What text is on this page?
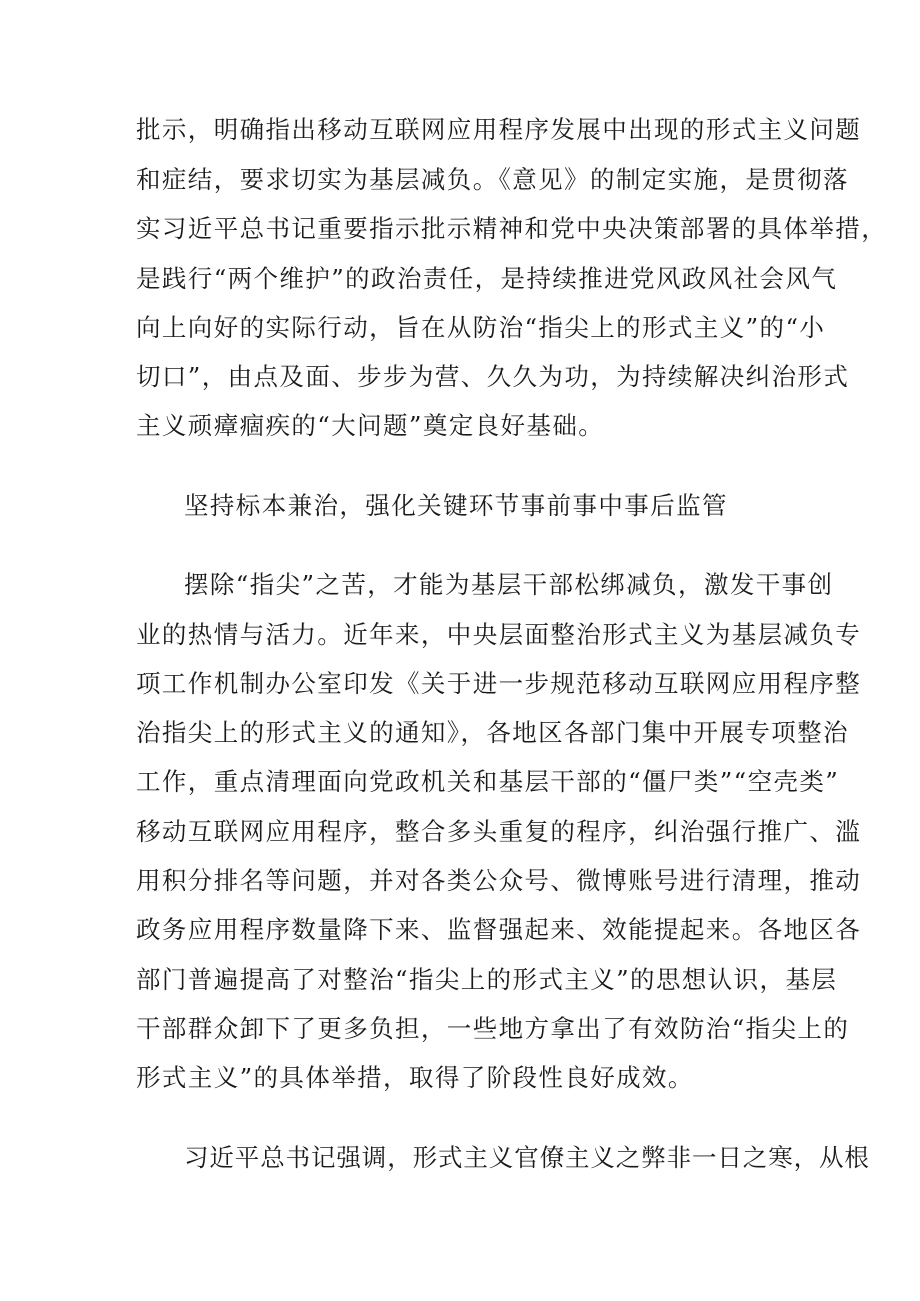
批示，明确指出移动互联网应用程序发展中出现的形式主义问题

和症结，要求切实为基层减负。《意见》的制定实施，是贯彻落

实习近平总书记重要指示批示精神和党中央决策部署的具体举措，

是践行“两个维护”的政治责任，是持续推进党风政风社会风气

向上向好的实际行动，旨在从防治“指尖上的形式主义”的“小

切口”，由点及面、步步为营、久久为功，为持续解决纠治形式

主义顽瘴痼疾的“大问题”奠定良好基础。

坚持标本兼治，强化关键环节事前事中事后监管

摆除“指尖”之苦，才能为基层干部松绑减负，激发干事创

业的热情与活力。近年来，中央层面整治形式主义为基层减负专

项工作机制办公室印发《关于进一步规范移动互联网应用程序整

治指尖上的形式主义的通知》，各地区各部门集中开展专项整治

工作，重点清理面向党政机关和基层干部的“僵尸类”“空壳类”

移动互联网应用程序，整合多头重复的程序，纠治强行推广、滥

用积分排名等问题，并对各类公众号、微博账号进行清理，推动

政务应用程序数量降下来、监督强起来、效能提起来。各地区各

部门普遍提高了对整治“指尖上的形式主义”的思想认识，基层

干部群众卸下了更多负担，一些地方拿出了有效防治“指尖上的

形式主义”的具体举措，取得了阶段性良好成效。

习近平总书记强调，形式主义官僚主义之弊非一日之寒，从根
